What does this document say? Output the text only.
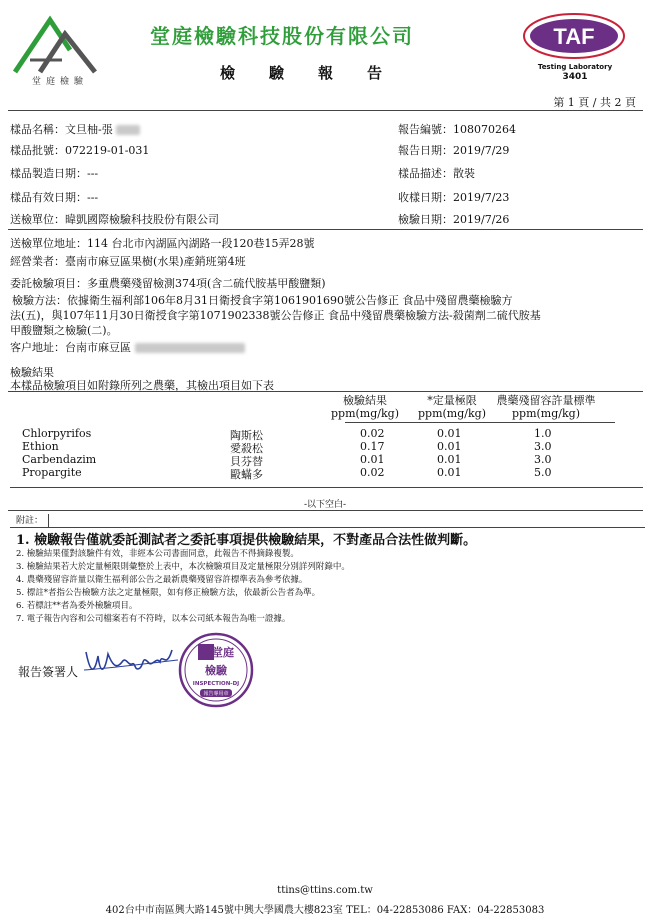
堂庭檢驗
堂庭檢驗科技股份有限公司
檢驗報告
TAF
Testing Laboratory
3401
第 1 頁 / 共 2 頁
樣品名稱：文旦柚-張	報告編號：108070264
樣品批號：072219-01-031	報告日期：2019/7/29
樣品製造日期：---	樣品描述：散裝
樣品有效日期：---	收樣日期：2019/7/23
送檢單位：暐凱國際檢驗科技股份有限公司	檢驗日期：2019/7/26
送檢單位地址：114 台北市內湖區內湖路一段120巷15弄28號
經營業者：臺南市麻豆區果樹(水果)產銷班第4班
委託檢驗項目：多重農藥殘留檢測374項(含二硫代胺基甲酸鹽類)
檢驗方法：依據衛生福利部106年8月31日衛授食字第1061901690號公告修正 食品中殘留農藥檢驗方
法(五)，與107年11月30日衛授食字第1071902338號公告修正 食品中殘留農藥檢驗方法-殺菌劑二硫代胺基
甲酸鹽類之檢驗(二)。
客户地址：台南市麻豆區
檢驗結果
本樣品檢驗項目如附錄所列之農藥，其檢出項目如下表
檢驗結果
ppm(mg/kg)
*定量極限
ppm(mg/kg)
農藥殘留容許量標準
ppm(mg/kg)
Chlorpyrifos	陶斯松	0.02	0.01	1.0
Ethion	愛殺松	0.17	0.01	3.0
Carbendazim	貝芬替	0.01	0.01	3.0
Propargite	毆蟎多	0.02	0.01	5.0
-以下空白-
附註：
1. 檢驗報告僅就委託測試者之委託事項提供檢驗結果，不對產品合法性做判斷。
2. 檢驗結果僅對該驗件有效，非經本公司書面同意，此報告不得摘錄複製。
3. 檢驗結果若大於定量極限則彙整於上表中，本次檢驗項目及定量極限分別詳列附錄中。
4. 農藥殘留容許量以衛生福利部公告之最新農藥殘留容許標準表為參考依據。
5. 標註*者指公告檢驗方法之定量極限，如有修正檢驗方法，依最新公告者為準。
6. 若標註**者為委外檢驗項目。
7. 電子報告內容和公司檔案若有不符時，以本公司紙本報告為唯一證據。
報告簽署人
Wenghuachi
堂庭
檢驗
INSPECTION-DJ
報告專用章
ttins@ttins.com.tw
402台中市南區興大路145號中興大學國農大樓823室 TEL：04-22853086 FAX：04-22853083
